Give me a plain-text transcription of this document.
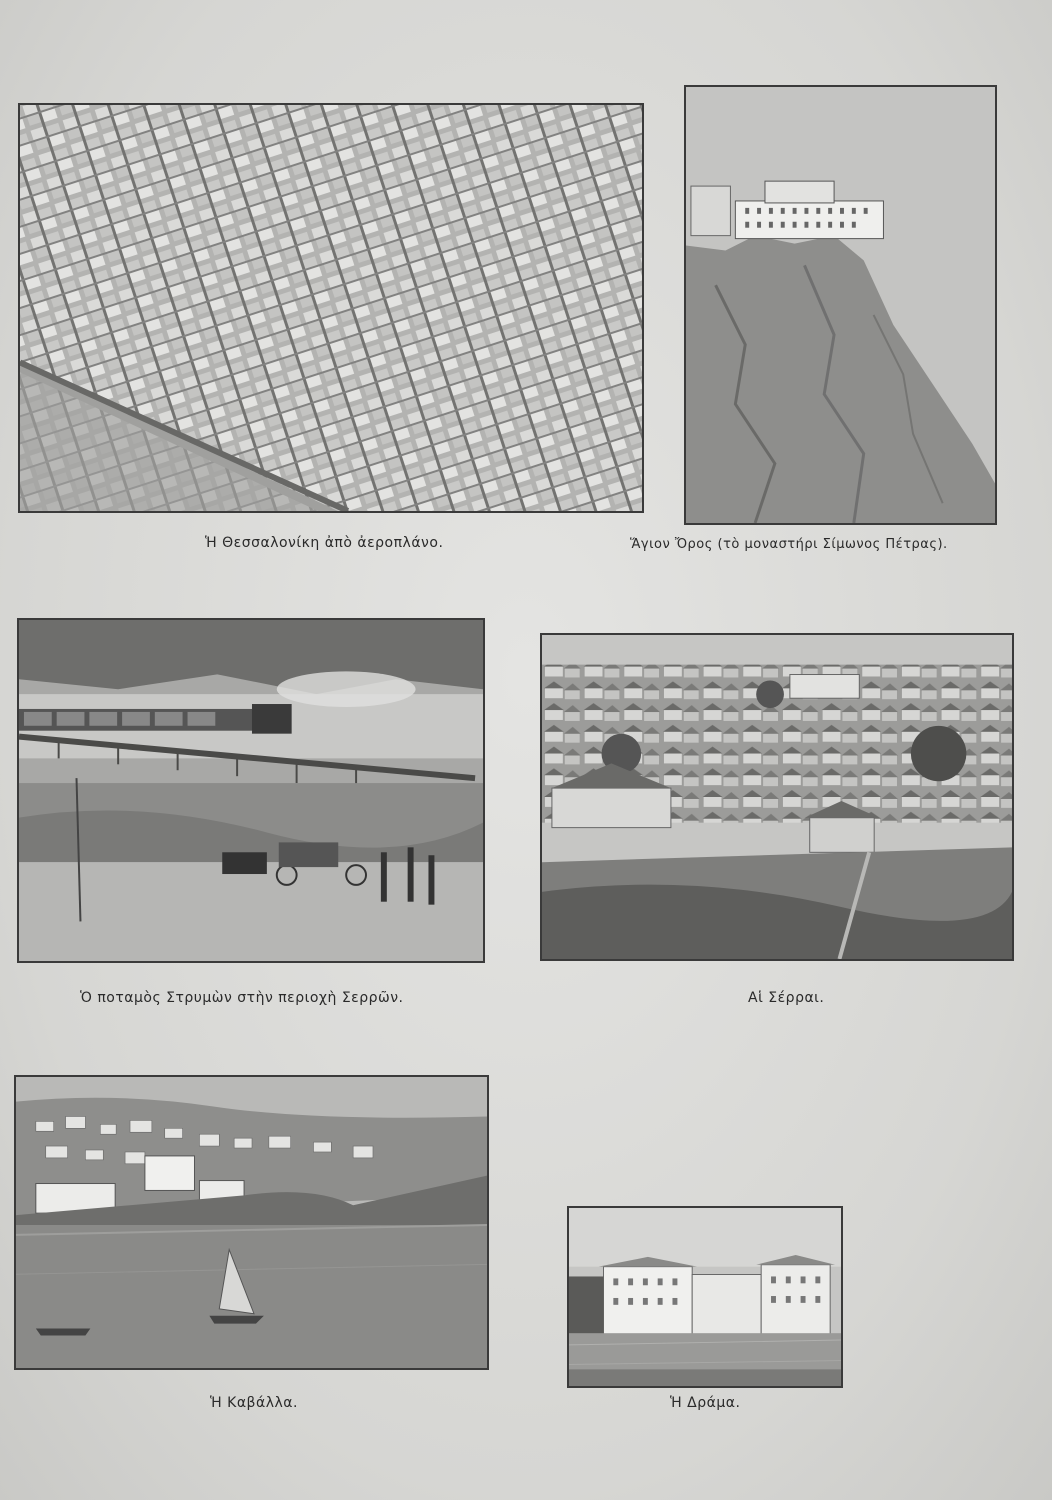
Ἡ Θεσσαλονίκη ἀπὸ ἀεροπλάνο.	Ἅγιον Ὄρος (τὸ μοναστήρι Σίμωνος Πέτρας).
Ὁ ποταμὸς Στρυμὼν στὴν περιοχὴ Σερρῶν.	Αἱ Σέρραι.
Ἡ Καβάλλα.	Ἡ Δράμα.
